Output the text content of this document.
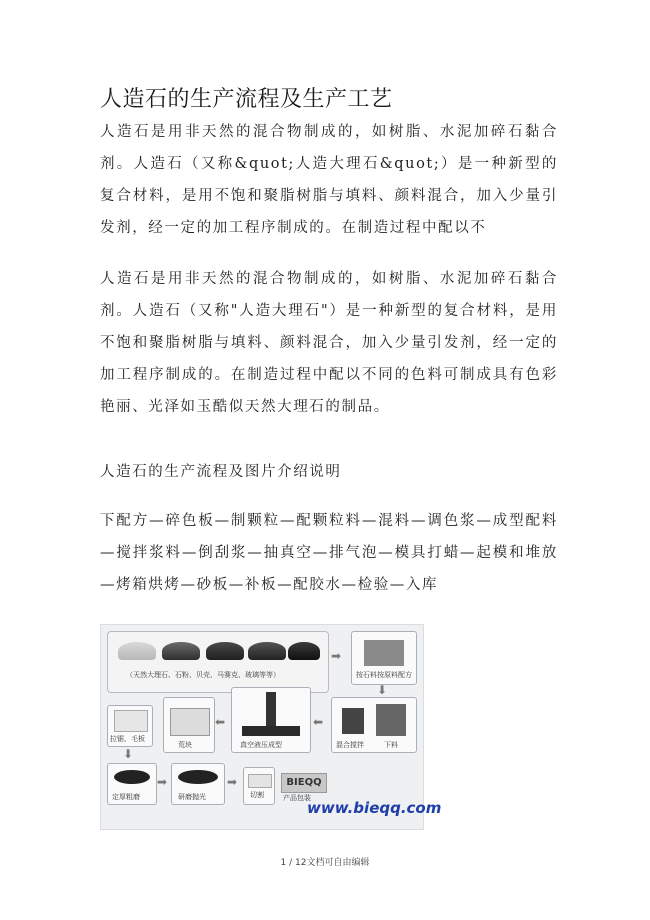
人造石的生产流程及生产工艺
人造石是用非天然的混合物制成的，如树脂、水泥加碎石黏合剂。人造石（又称&quot;人造大理石&quot;）是一种新型的复合材料，是用不饱和聚脂树脂与填料、颜料混合，加入少量引发剂，经一定的加工程序制成的。在制造过程中配以不
人造石是用非天然的混合物制成的，如树脂、水泥加碎石黏合剂。人造石（又称"人造大理石"）是一种新型的复合材料，是用不饱和聚脂树脂与填料、颜料混合，加入少量引发剂，经一定的加工程序制成的。在制造过程中配以不同的色料可制成具有色彩艳丽、光泽如玉酷似天然大理石的制品。
人造石的生产流程及图片介绍说明
下配方—碎色板—制颗粒—配颗粒料—混料—调色浆—成型配料—搅拌浆料—倒刮浆—抽真空—排气泡—模具打蜡—起模和堆放—烤箱烘烤—砂板—补板—配胶水—检验—入库
（天然大理石、石粉、贝壳、马赛克、玻璃等等）
➡
按石料按原料配方
⬇
混合搅拌	下料
⬅
真空液压成型
⬅
荒块
拉锯、毛板
⬇
定厚粗磨
➡
研磨抛光
➡
切割
BIEQQ
产品包装
www.bieqq.com
1 / 12文档可自由编辑
